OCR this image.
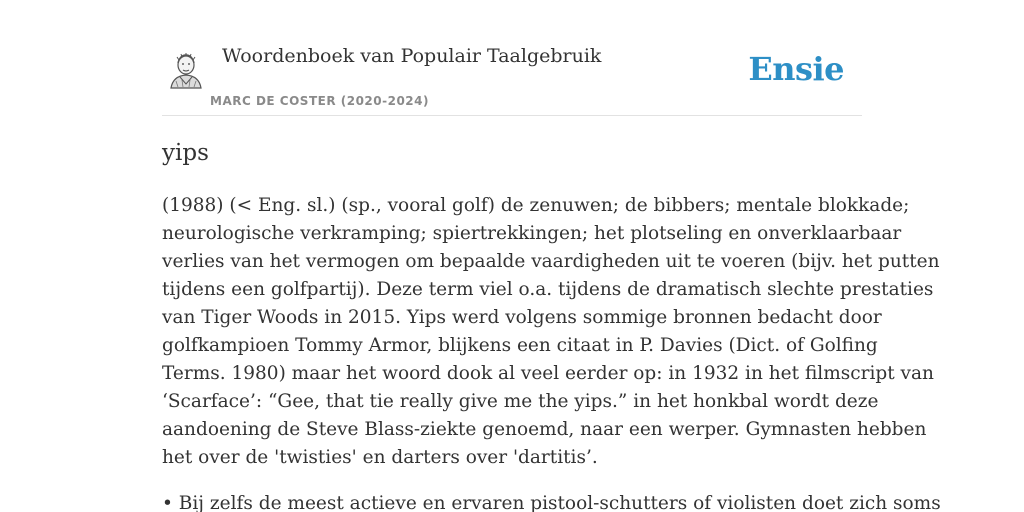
Woordenboek van Populair Taalgebruik
MARC DE COSTER (2020-2024)
Ensie
yips

(1988) (< Eng. sl.) (sp., vooral golf) de zenuwen; de bibbers; mentale blokkade;

neurologische verkramping; spiertrekkingen; het plotseling en onverklaarbaar

verlies van het vermogen om bepaalde vaardigheden uit te voeren (bijv. het putten

tijdens een golfpartij). Deze term viel o.a. tijdens de dramatisch slechte prestaties

van Tiger Woods in 2015. Yips werd volgens sommige bronnen bedacht door

golfkampioen Tommy Armor, blijkens een citaat in P. Davies (Dict. of Golfing

Terms. 1980) maar het woord dook al veel eerder op: in 1932 in het filmscript van

‘Scarface’: “Gee, that tie really give me the yips.” in het honkbal wordt deze

aandoening de Steve Blass-ziekte genoemd, naar een werper. Gymnasten hebben

het over de 'twisties' en darters over 'dartitis’.

• Bij zelfs de meest actieve en ervaren pistool-schutters of violisten doet zich soms
